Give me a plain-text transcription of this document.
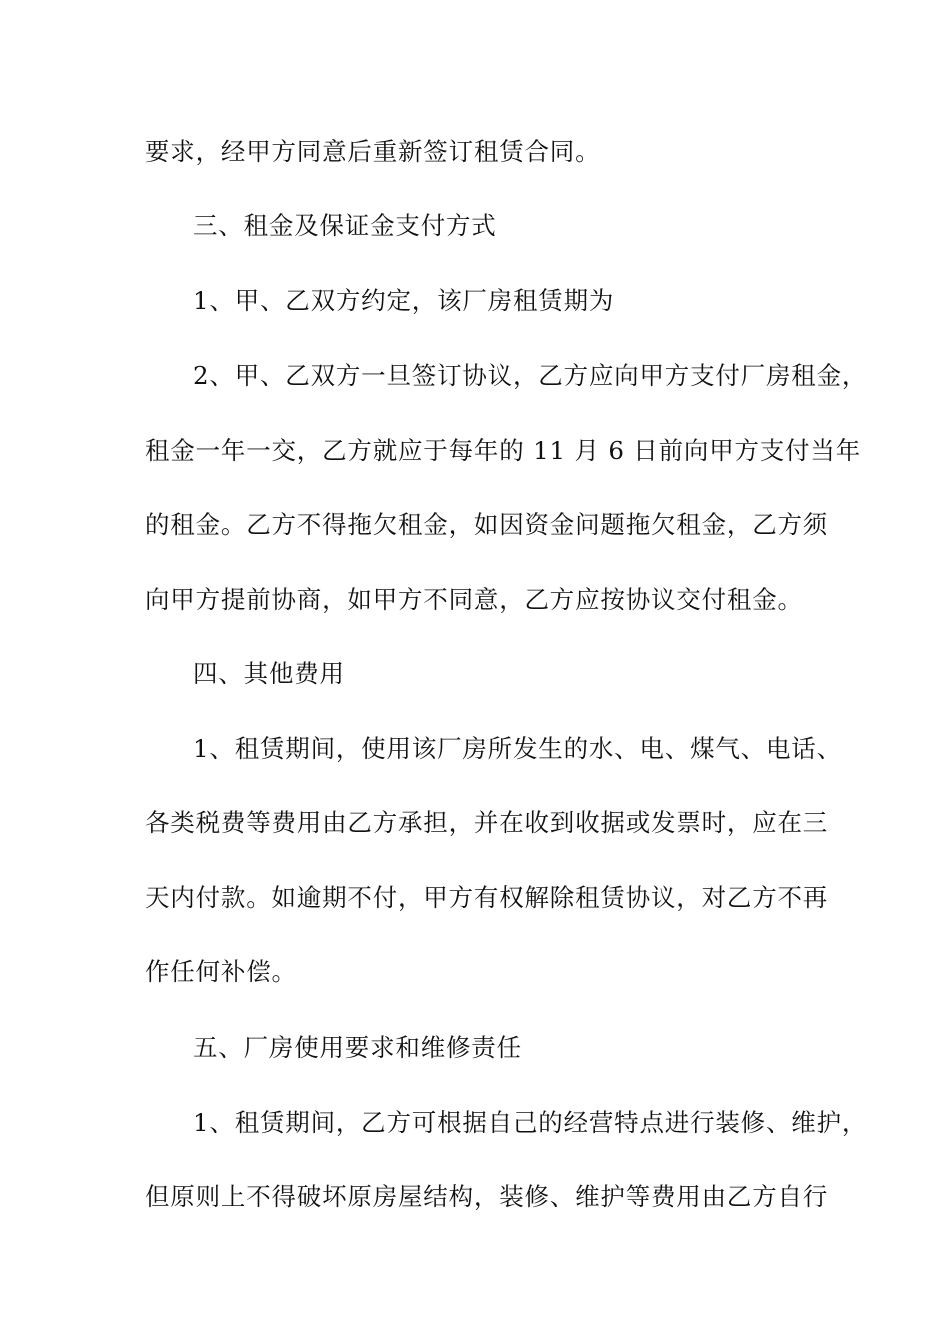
要求，经甲方同意后重新签订租赁合同。

三、租金及保证金支付方式

1、甲、乙双方约定，该厂房租赁期为

2、甲、乙双方一旦签订协议，乙方应向甲方支付厂房租金，

租金一年一交，乙方就应于每年的 11 月 6 日前向甲方支付当年

的租金。乙方不得拖欠租金，如因资金问题拖欠租金，乙方须

向甲方提前协商，如甲方不同意，乙方应按协议交付租金。

四、其他费用

1、租赁期间，使用该厂房所发生的水、电、煤气、电话、

各类税费等费用由乙方承担，并在收到收据或发票时，应在三

天内付款。如逾期不付，甲方有权解除租赁协议，对乙方不再

作任何补偿。

五、厂房使用要求和维修责任

1、租赁期间，乙方可根据自己的经营特点进行装修、维护，

但原则上不得破坏原房屋结构，装修、维护等费用由乙方自行
